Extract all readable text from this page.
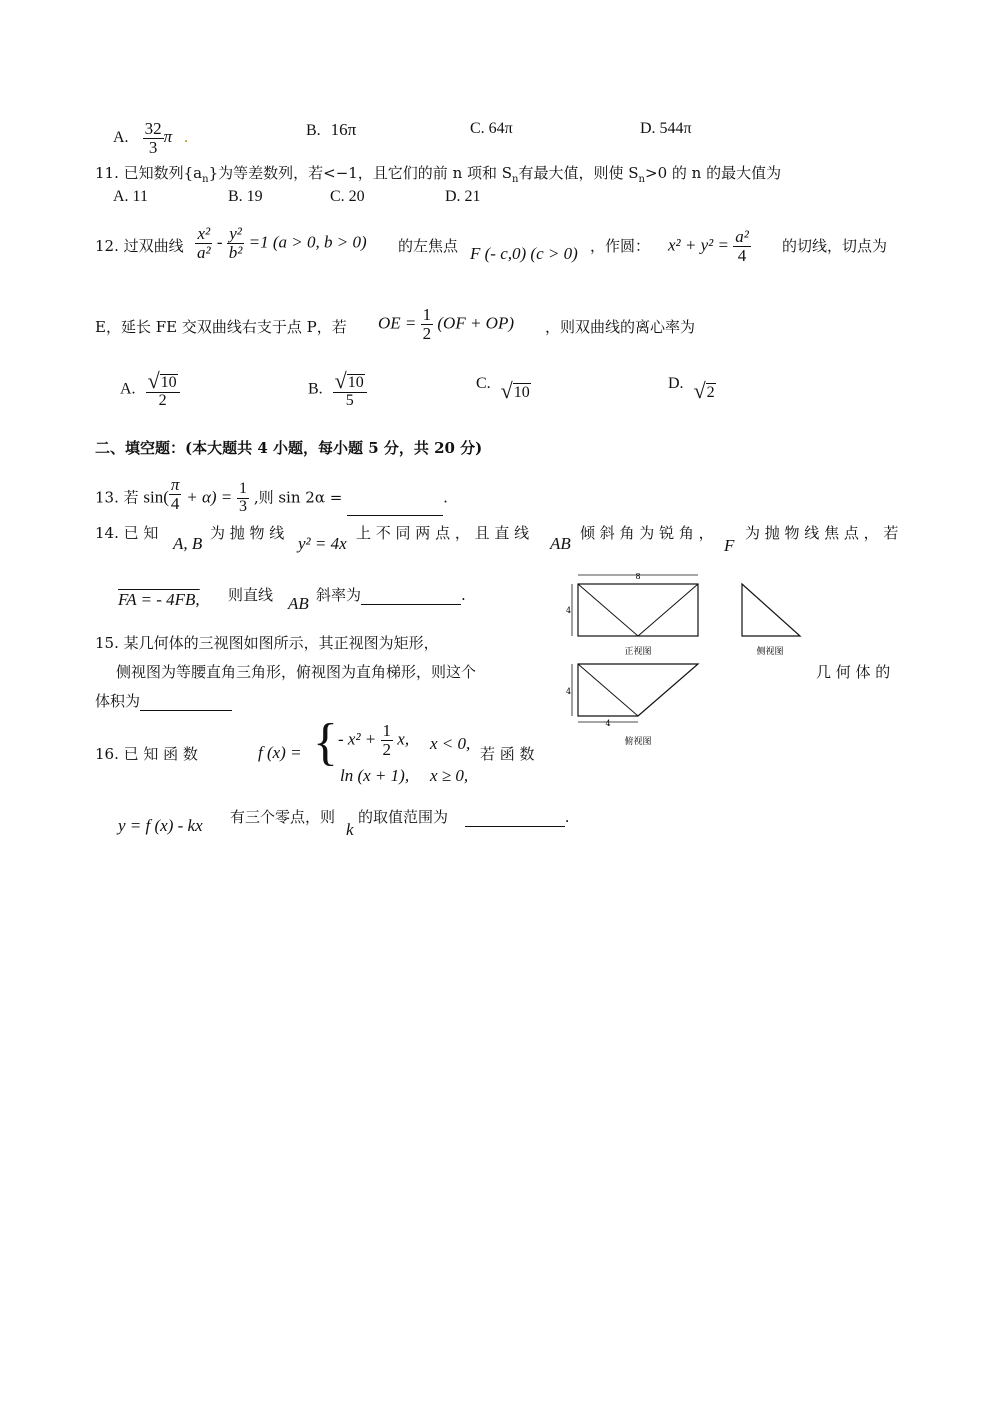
A. $\frac{32}{3}$ π .	B. 16π	C. 64π	D. 544π
11. 已知数列$\{a_n\}$为等差数列，若<−1，且它们的前 n 项和 $S_n$有最大值，则使 $S_n>0$ 的 n 的最大值为
A. 11	B. 19	C. 20	D. 21
12. 过双曲线 $\frac{\text{x²}}{\text{a²}} - \frac{\text{y²}}{\text{b²}} =1$ (a > 0, b > 0) 的左焦点 F (- c,0) (c > 0) ，作圆： $x^2 + y^2 = \frac{\text{a²}}{4}$ 的切线，切点为
E，延长 FE 交双曲线右支于点 P，若 OE = $\frac{1}{2} (OF + OP)$ ，则双曲线的离心率为
A. $\frac{√ 10}{2}$	B. $\frac{√ 10}{5}$	C. √ 10
D. √ 2
二、填空题：(本大题共 4 小题，每小题 5 分，共 20 分)
13. 若 $\sin( \frac{\pi}{4} + \alpha) = \frac{1}{3}$ ,则 sin 2α =	.
14. 已 知
A, B
为 抛 物 线
y² = 4x
上 不 同 两 点 ， 且 直 线
AB
倾 斜 角 为 锐 角 ，
F
为 抛 物 线 焦 点 ， 若
FA = - 4FB, 则直线 AB 斜率为	.
15. 某几何体的三视图如图所示，其正视图为矩形，
侧视图为等腰直角三角形，俯视图为直角梯形，则这个	几 何 体 的
体积为
8
4
正视图	侧视图
4
4
俯视图
16. 已 知 函 数	f (x) = { - $x^2 + \frac{1}{2} x$, x < 0,
ln (x + 1), x ≥ 0,
若 函 数
y = f (x) - kx 有三个零点，则
k
的取值范围为	.
